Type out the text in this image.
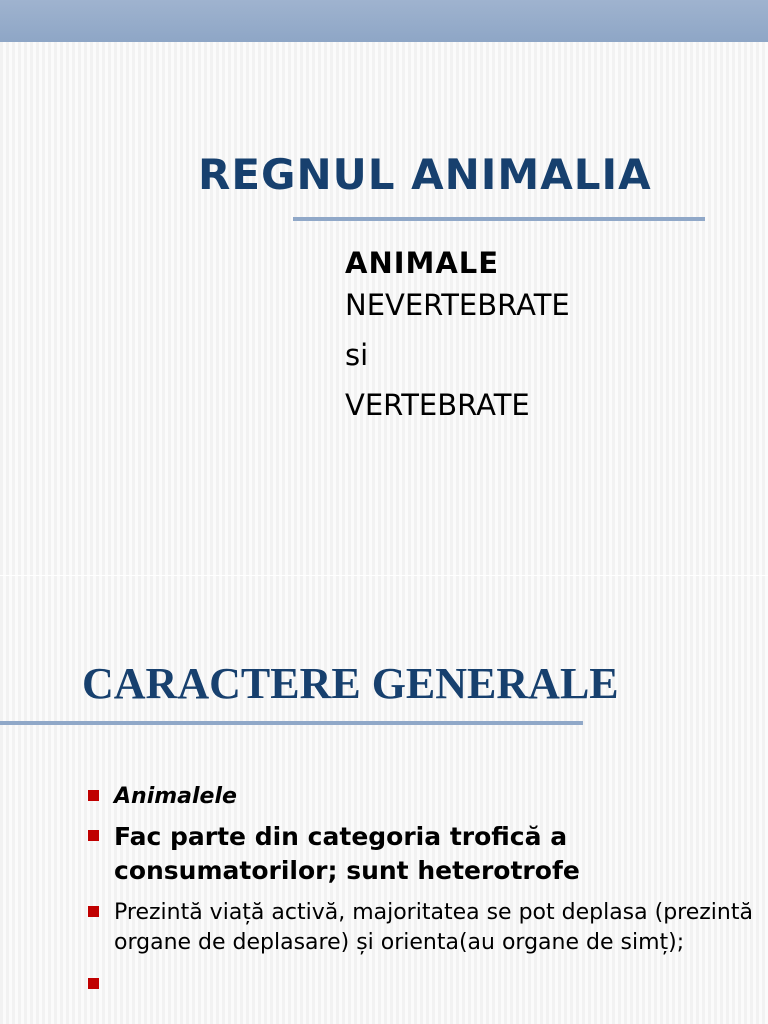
REGNUL ANIMALIA

ANIMALE

NEVERTEBRATE

si

VERTEBRATE

CARACTERE GENERALE
Animalele
Fac parte din categoria trofică a consumatorilor; sunt heterotrofe
Prezintă viață activă, majoritatea se pot deplasa (prezintă organe de deplasare) și orienta(au organe de simț);
